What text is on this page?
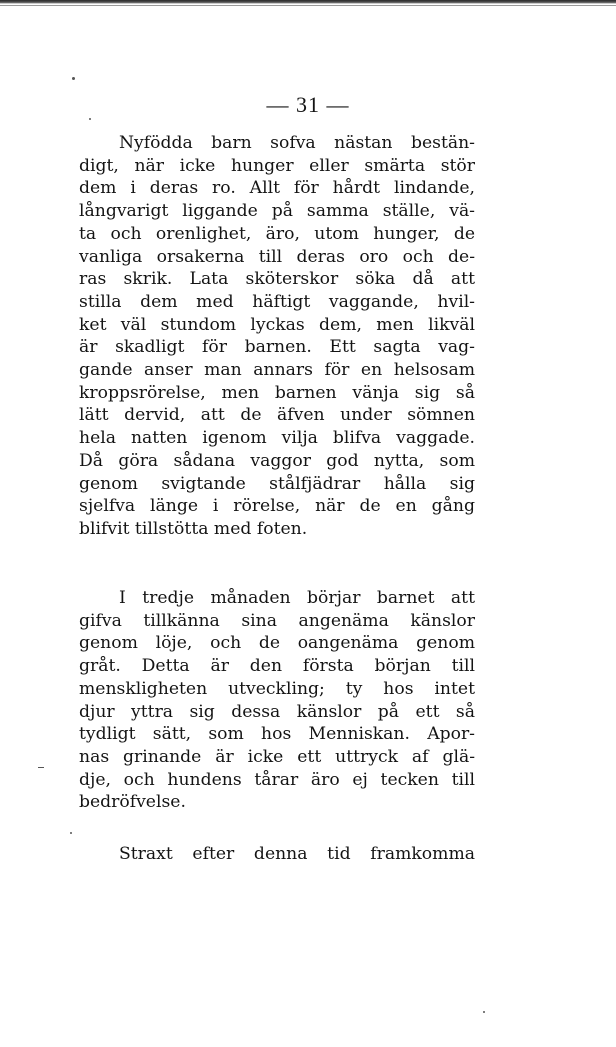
— 31 —
Nyfödda barn sofva nästan bestän-
digt, när icke hunger eller smärta stör
dem i deras ro. Allt för hårdt lindande,
långvarigt liggande på samma ställe, vä-
ta och orenlighet, äro, utom hunger, de
vanliga orsakerna till deras oro och de-
ras skrik. Lata sköterskor söka då att
stilla dem med häftigt vaggande, hvil-
ket väl stundom lyckas dem, men likväl
är skadligt för barnen. Ett sagta vag-
gande anser man annars för en helsosam
kroppsrörelse, men barnen vänja sig så
lätt dervid, att de äfven under sömnen
hela natten igenom vilja blifva vaggade.
Då göra sådana vaggor god nytta, som
genom svigtande stålfjädrar hålla sig
sjelfva länge i rörelse, när de en gång
blifvit tillstötta med foten.
I tredje månaden börjar barnet att
gifva tillkänna sina angenäma känslor
genom löje, och de oangenäma genom
gråt. Detta är den första början till
menskligheten utveckling; ty hos intet
djur yttra sig dessa känslor på ett så
tydligt sätt, som hos Menniskan. Apor-
nas grinande är icke ett uttryck af glä-
dje, och hundens tårar äro ej tecken till
bedröfvelse.
Straxt efter denna tid framkomma
